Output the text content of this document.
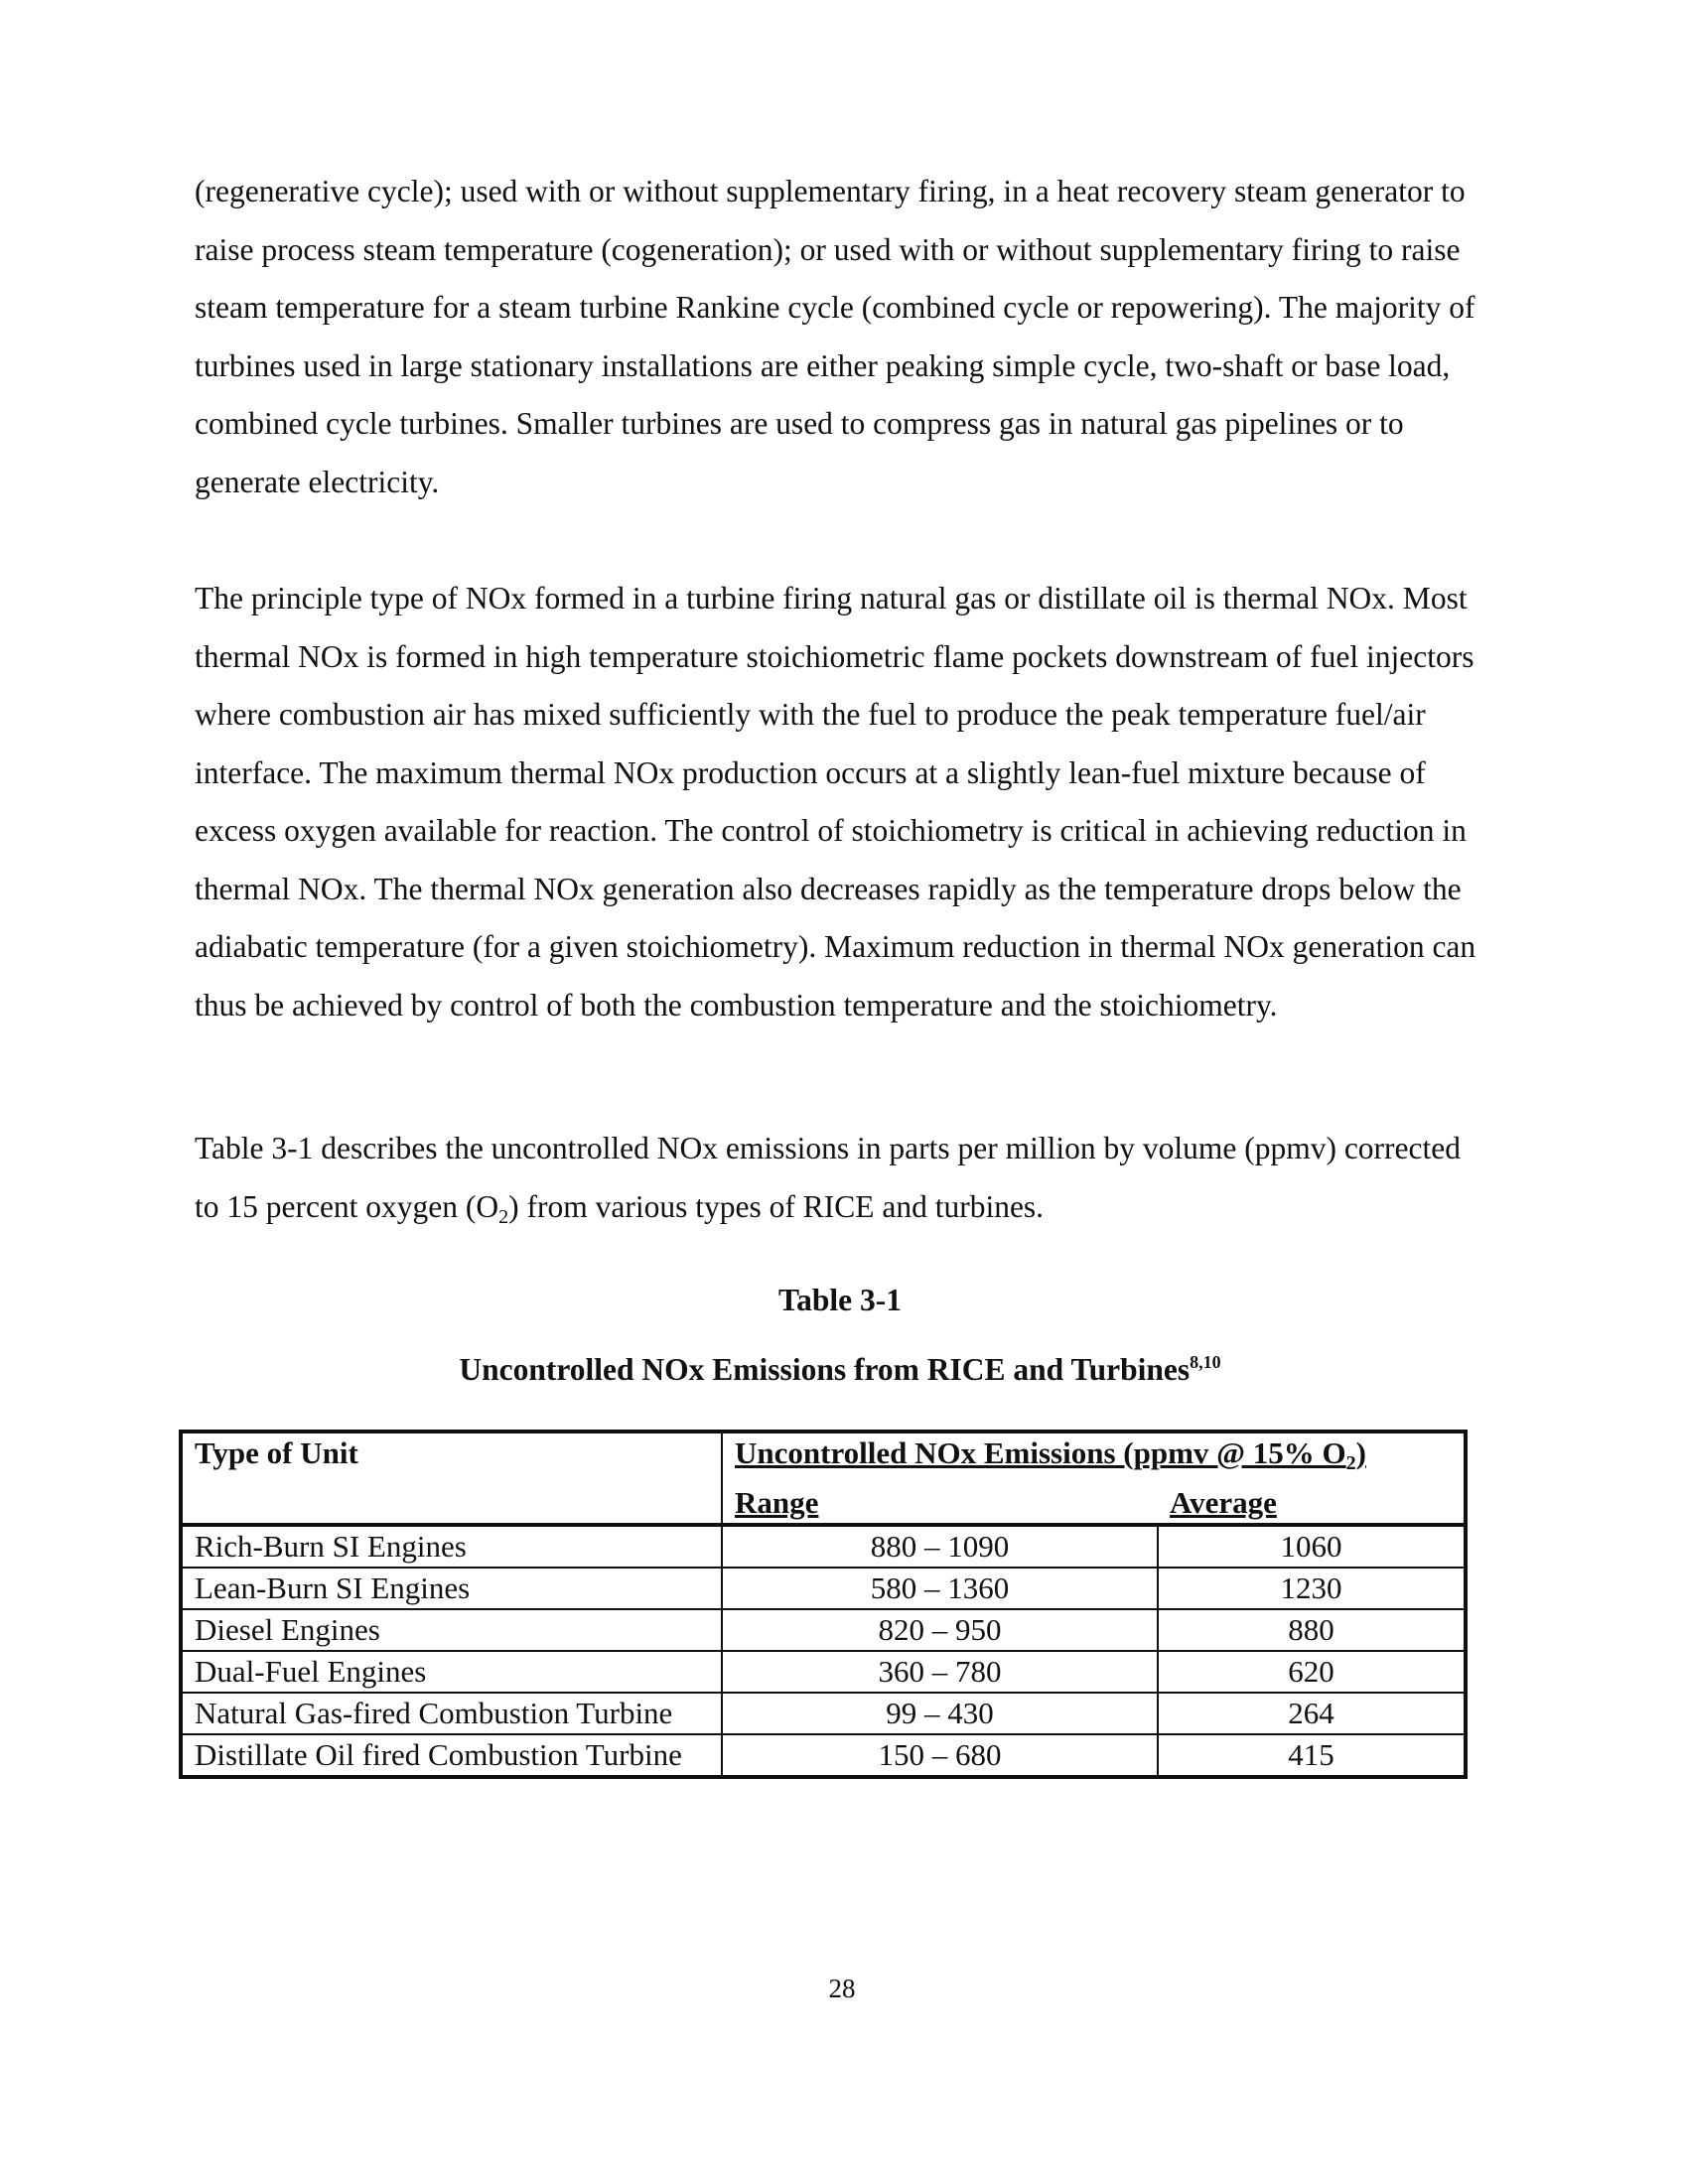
(regenerative cycle); used with or without supplementary firing, in a heat recovery steam generator to raise process steam temperature (cogeneration); or used with or without supplementary firing to raise steam temperature for a steam turbine Rankine cycle (combined cycle or repowering). The majority of turbines used in large stationary installations are either peaking simple cycle, two-shaft or base load, combined cycle turbines. Smaller turbines are used to compress gas in natural gas pipelines or to generate electricity.

The principle type of NOx formed in a turbine firing natural gas or distillate oil is thermal NOx. Most thermal NOx is formed in high temperature stoichiometric flame pockets downstream of fuel injectors where combustion air has mixed sufficiently with the fuel to produce the peak temperature fuel/air interface. The maximum thermal NOx production occurs at a slightly lean-fuel mixture because of excess oxygen available for reaction. The control of stoichiometry is critical in achieving reduction in thermal NOx. The thermal NOx generation also decreases rapidly as the temperature drops below the adiabatic temperature (for a given stoichiometry). Maximum reduction in thermal NOx generation can thus be achieved by control of both the combustion temperature and the stoichiometry.

Table 3-1 describes the uncontrolled NOx emissions in parts per million by volume (ppmv) corrected to 15 percent oxygen $(O_2)$ from various types of RICE and turbines.

Table 3-1

Uncontrolled NOx Emissions from RICE and Turbines$^{8,10}$

Type of Unit	Uncontrolled NOx Emissions (ppmv @ 15% O2)	
	Range	Average
Rich-Burn SI Engines	880 – 1090	1060
Lean-Burn SI Engines	580 – 1360	1230
Diesel Engines	820 – 950	880
Dual-Fuel Engines	360 – 780	620
Natural Gas-fired Combustion Turbine	99 – 430	264
Distillate Oil fired Combustion Turbine	150 – 680	415

28
